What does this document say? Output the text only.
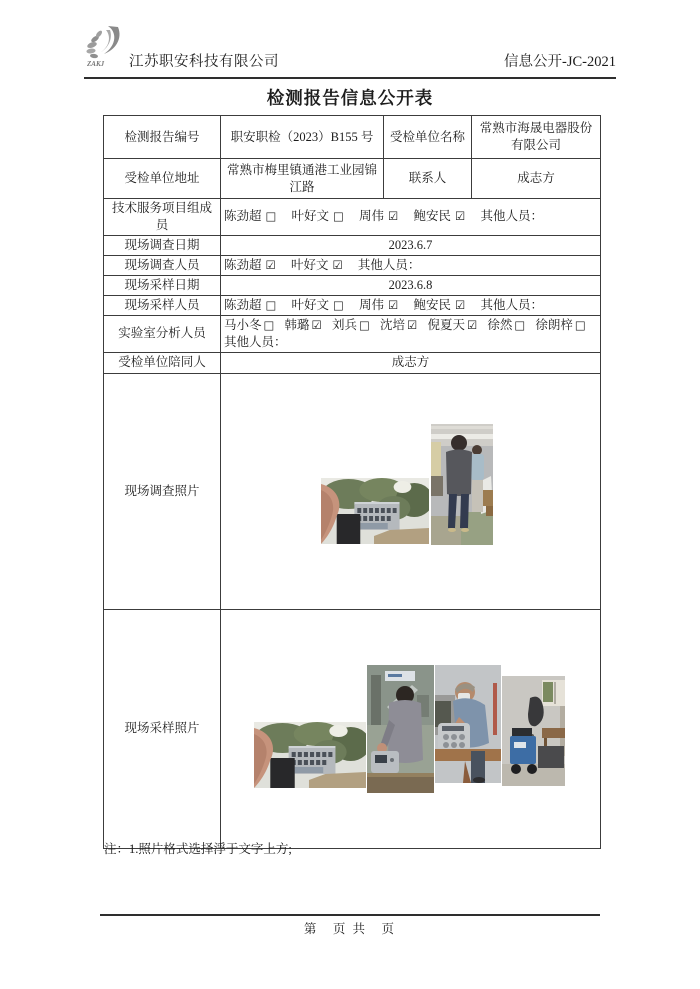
ZAKJ 江苏职安科技有限公司	信息公开-JC-2021
检测报告信息公开表
检测报告编号	职安职检（2023）B155 号	受检单位名称	常熟市海晟电器股份有限公司
受检单位地址	常熟市梅里镇通港工业园锦江路	联系人	成志方
技术服务项目组成员	陈劲超 □ 叶好文 □ 周伟 ☑ 鲍安民 ☑ 其他人员：		
现场调查日期	2023.6.7		
现场调查人员	陈劲超 ☑ 叶好文 ☑ 其他人员：		
现场采样日期	2023.6.8		
现场采样人员	陈劲超 □ 叶好文 □ 周伟 ☑ 鲍安民 ☑ 其他人员：		
实验室分析人员	马小冬 □ 韩璐 ☑ 刘兵 □ 沈培 ☑ 倪夏天 ☑ 徐然 □ 徐朗梓 □
其他人员：		

受检单位陪同人	成志方		
现场调查照片	

现场采样照片	
注：1.照片格式选择浮于文字上方;
第　页 共　页
